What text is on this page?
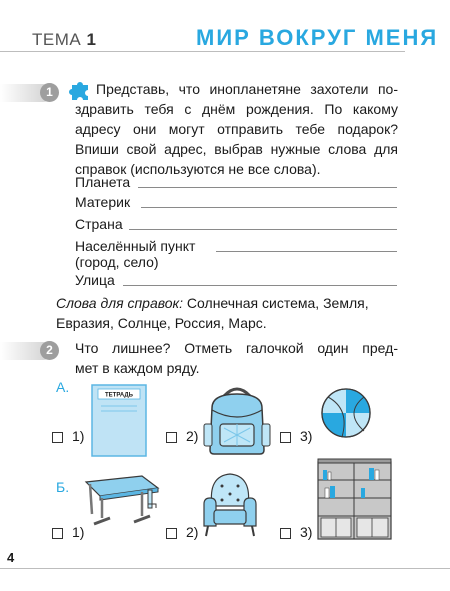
ТЕМА 1	МИР ВОКРУГ МЕНЯ
1	Представь, что инопланетяне захотели по-
здравить тебя с днём рождения. По какому
адресу они могут отправить тебе подарок?
Впиши свой адрес, выбрав нужные слова для
справок (используются не все слова).
Планета
Материк
Страна
Населённый пункт
(город, село)
Улица
Слова для справок: Солнечная система, Земля,
Евразия, Солнце, Россия, Марс.
2	Что лишнее? Отметь галочкой один пред-
мет в каждом ряду.
А.
ТЕТРАДЬ
1)	2)	3)
Б.
1)	2)	3)
4
